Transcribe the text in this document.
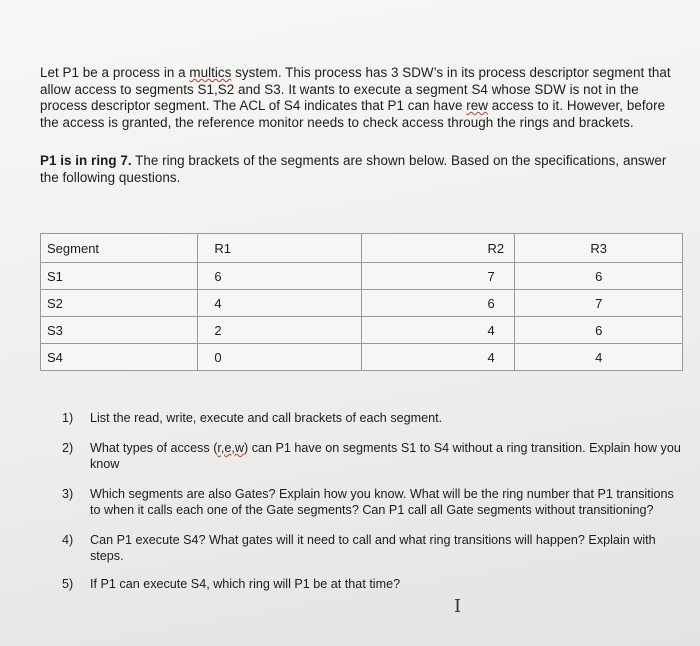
Let P1 be a process in a multics system. This process has 3 SDW’s in its process descriptor segment that allow access to segments S1,S2 and S3. It wants to execute a segment S4 whose SDW is not in the process descriptor segment. The ACL of S4 indicates that P1 can have rew access to it. However, before the access is granted, the reference monitor needs to check access through the rings and brackets.

P1 is in ring 7. The ring brackets of the segments are shown below. Based on the specifications, answer the following questions.

Segment	R1	R2	R3
S1	6	7	6
S2	4	6	7
S3	2	4	6
S4	0	4	4
1) List the read, write, execute and call brackets of each segment.
2) What types of access (r,e,w) can P1 have on segments S1 to S4 without a ring transition. Explain how you know
3) Which segments are also Gates? Explain how you know. What will be the ring number that P1 transitions to when it calls each one of the Gate segments? Can P1 call all Gate segments without transitioning?
4) Can P1 execute S4? What gates will it need to call and what ring transitions will happen? Explain with steps.
5) If P1 can execute S4, which ring will P1 be at that time?
I
